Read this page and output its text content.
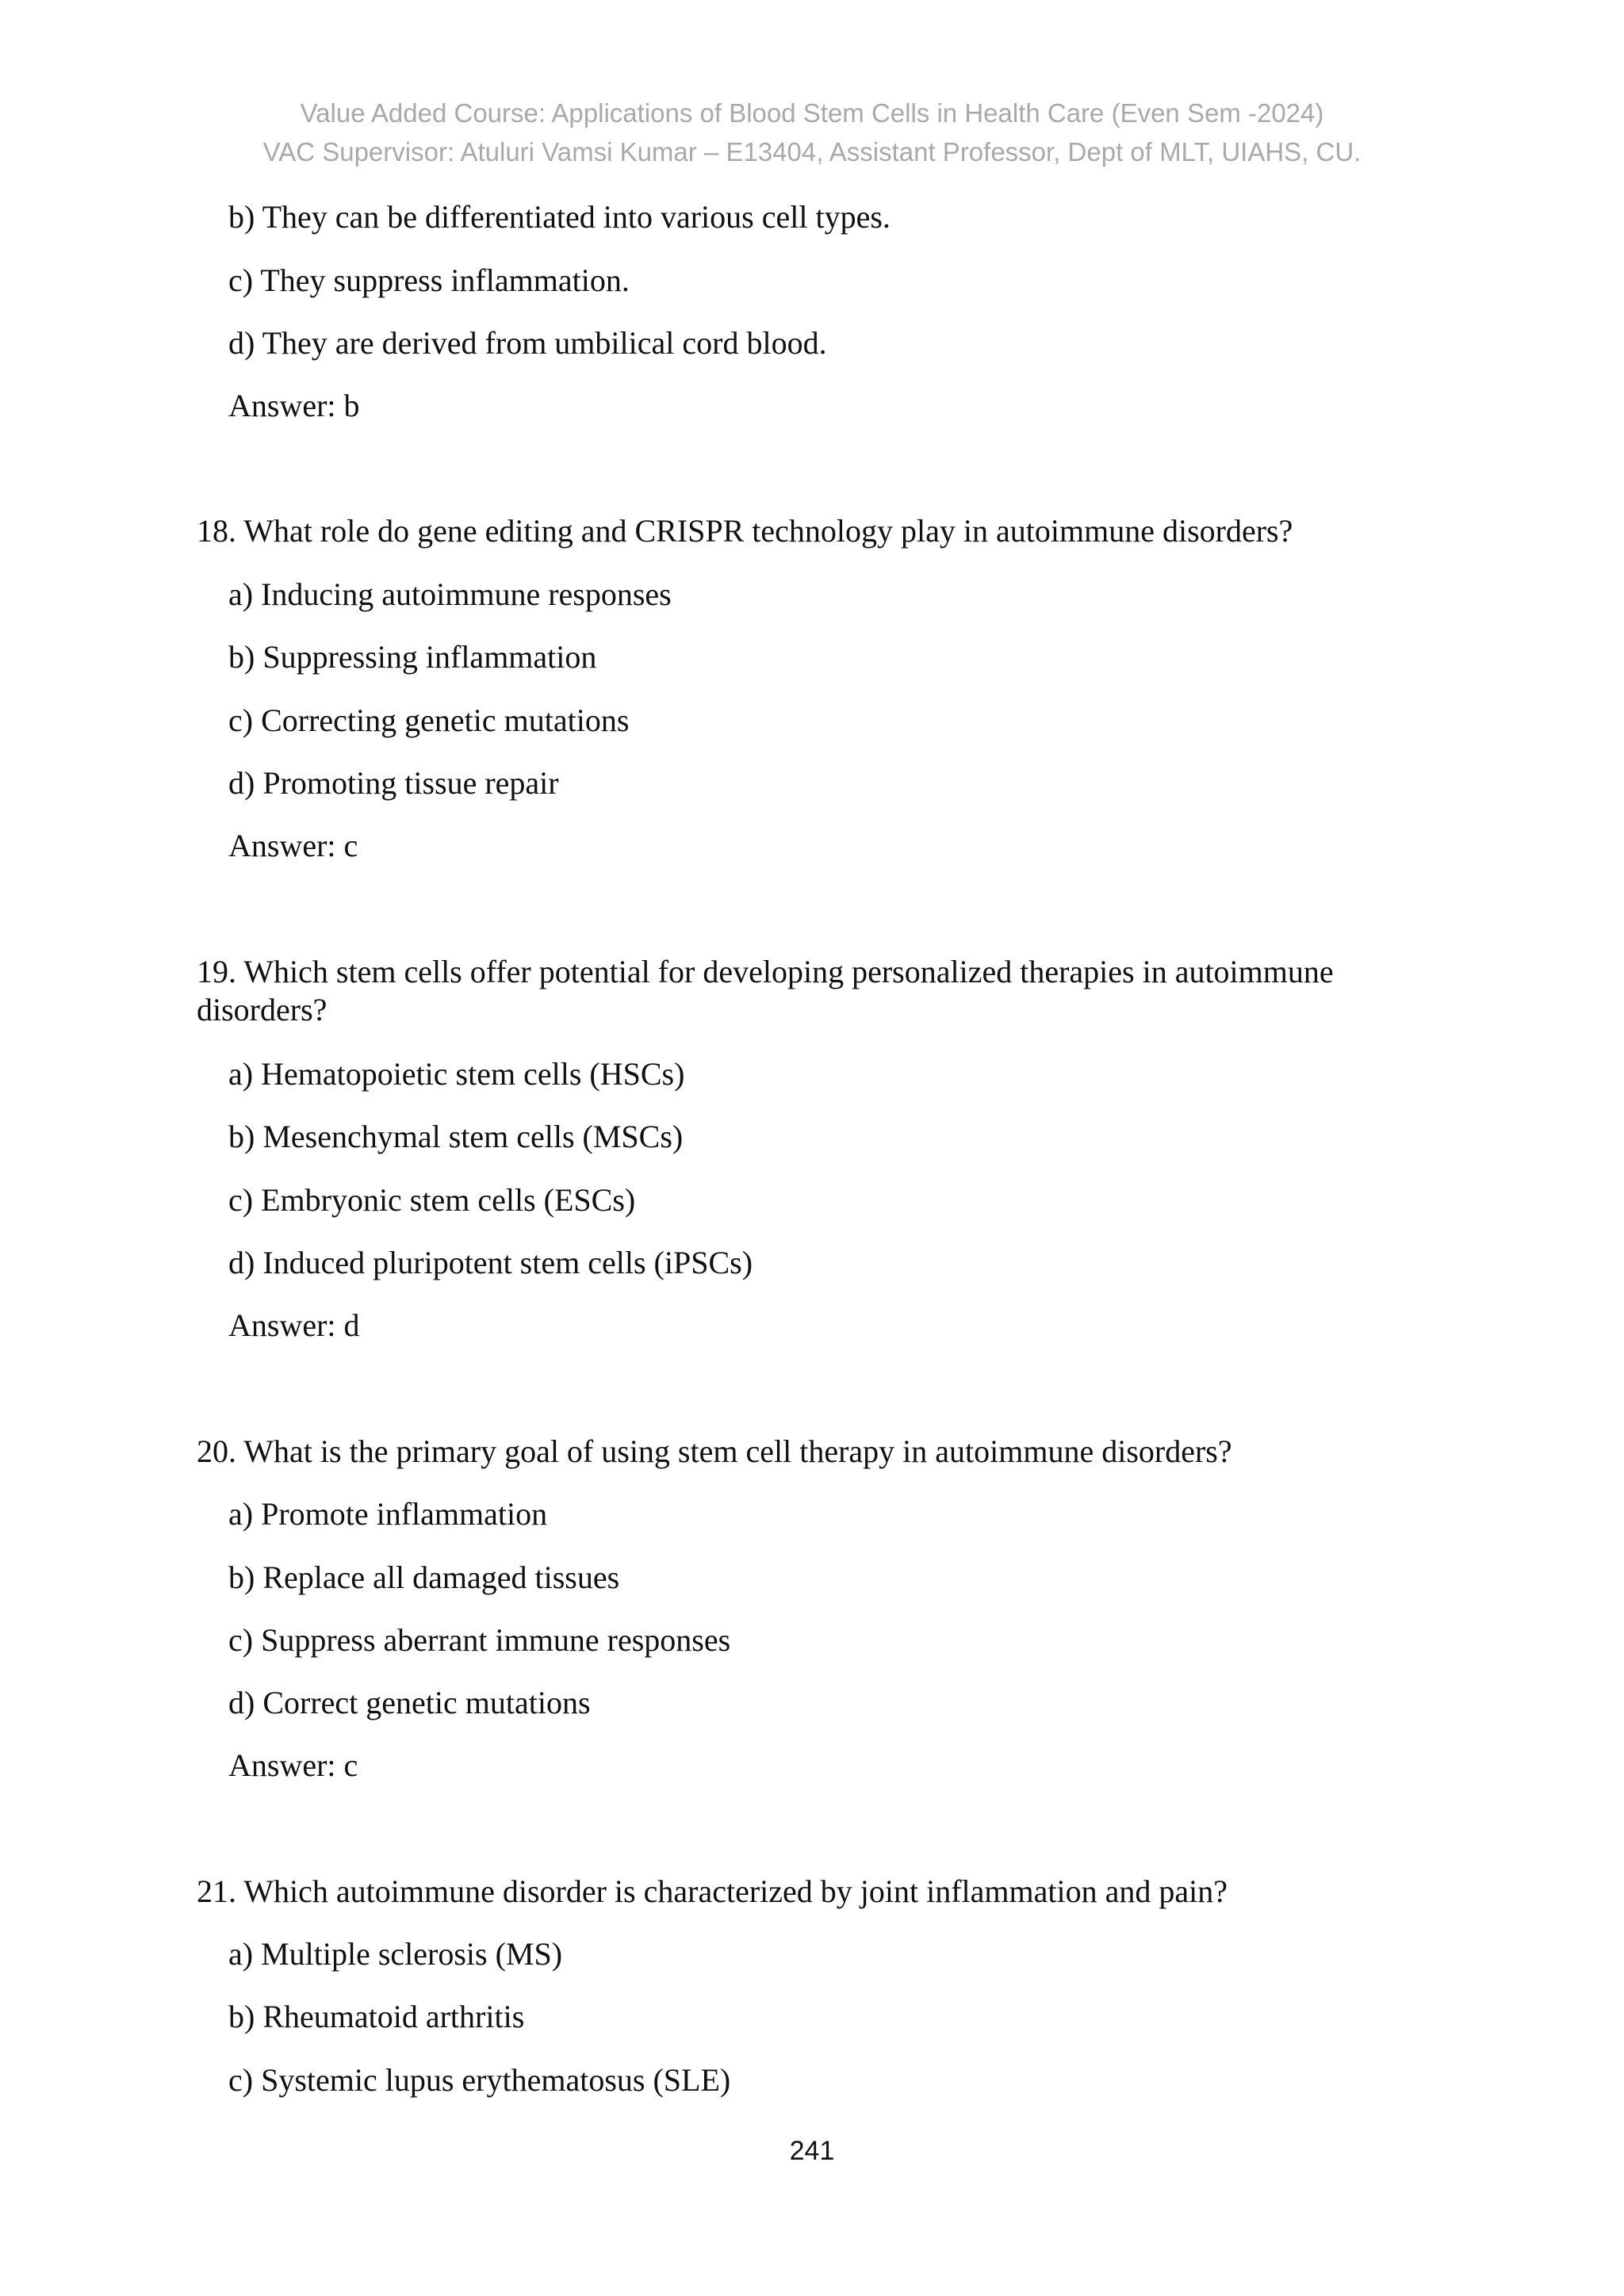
Value Added Course: Applications of Blood Stem Cells in Health Care (Even Sem -2024)
VAC Supervisor: Atuluri Vamsi Kumar – E13404, Assistant Professor, Dept of MLT, UIAHS, CU.
b) They can be differentiated into various cell types.
c) They suppress inflammation.
d) They are derived from umbilical cord blood.
Answer: b
18. What role do gene editing and CRISPR technology play in autoimmune disorders?
a) Inducing autoimmune responses
b) Suppressing inflammation
c) Correcting genetic mutations
d) Promoting tissue repair
Answer: c
19. Which stem cells offer potential for developing personalized therapies in autoimmune disorders?
a) Hematopoietic stem cells (HSCs)
b) Mesenchymal stem cells (MSCs)
c) Embryonic stem cells (ESCs)
d) Induced pluripotent stem cells (iPSCs)
Answer: d
20. What is the primary goal of using stem cell therapy in autoimmune disorders?
a) Promote inflammation
b) Replace all damaged tissues
c) Suppress aberrant immune responses
d) Correct genetic mutations
Answer: c
21. Which autoimmune disorder is characterized by joint inflammation and pain?
a) Multiple sclerosis (MS)
b) Rheumatoid arthritis
c) Systemic lupus erythematosus (SLE)
241
